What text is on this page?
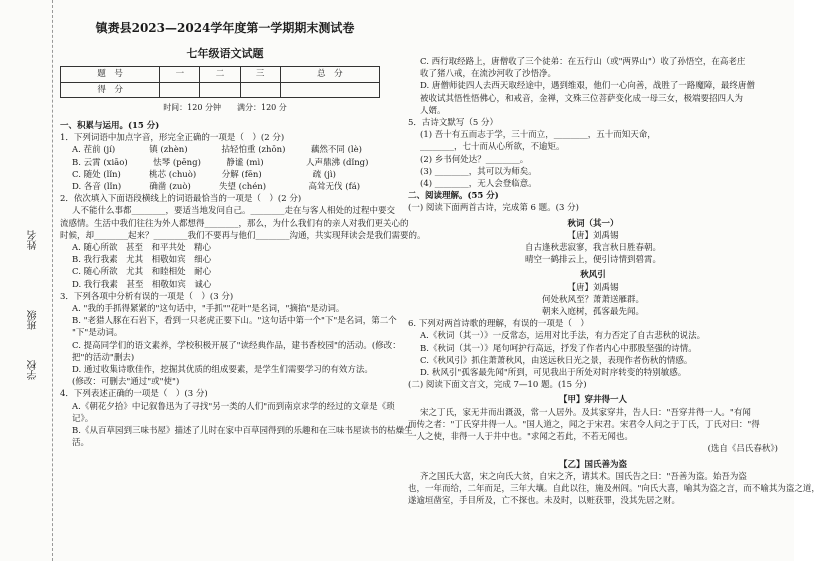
姓名
班级
学校
镇赉县2023—2024学年度第一学期期末测试卷
七年级语文试题
题　号	一	二	三	总　分
得　分				
时间：120 分钟　　满分：120 分
一、积累与运用。(15 分)
1．下列词语中加点字音，形完全正确的一项是（　）(2 分)
A. 茬前 (jí)　　　　镇 (zhèn)　　　　拈轻怕重 (zhōn)　　　藕然不同 (lè)
B. 云霄 (xiāo)　　　怯琴 (pēng)　　　静谧 (mì)　　　　　人声鼎沸 (dǐng)
C. 随处 (lǐn)　　　 桃芯 (chuò)　　　分解 (fēn)　　　　　　疏 (jì)
D. 各音 (lǐn)　　　 确凿 (zuò)　　　 失望 (chén)　　　　　高耸无伐 (fá)
2．依次填入下面语段横线上的词语最恰当的一项是（　）(2 分)
人不能什么事都________，要适当地发问自己。________走在与客人相处的过程中要交
流感情。生活中我们往往为外人都想得________，那么，为什么我们有的亲人对我们更关心的
时候，却________起来？________我们不要再与他们________沟通，共实现拜读会是我们需要的。
A. 随心所欲　甚至　和平共处　精心
B. 我行我素　尤其　相敬如宾　细心
C. 随心所欲　尤其　和睦相处　耐心
D. 我行我素　甚至　相敬如宾　诚心
3．下列各项中分析有误的一项是（　）(3 分)
A. "我的手抓得紧紧的"这句话中，"手抓""花叶"是名词，"摘掐"是动词。
B. "老猎人豚在石岩下，看到一只老虎正要下山。"这句话中第一个"下"是名词，第二个
"下"是动词。
C. 提高同学们的语文素养，学校积极开展了"读经典作品，建书香校园"的活动。(修改：
把"的活动"删去)
D. 通过收集诗歌佳作，挖掘其优质的组成要素，是学生们需要学习的有效方法。
(修改：可删去"通过"或"使")
4．下列表述正确的一项是（　）(3 分)
A.《朝花夕拾》中记叙鲁迅为了寻找"另一类的人们"而到南京求学的经过的文章是《琐
记》。
B.《从百草园到三味书屋》描述了儿时在家中百草园得到的乐趣和在三味书屋读书的枯燥生
活。
C. 西行取经路上，唐僧收了三个徒弟：在五行山（或"两界山"）收了孙悟空，在高老庄
收了猪八戒，在流沙河收了沙悟净。
D. 唐僧师徒四人去西天取经途中，遇到维艰，他们一心向善，战胜了一路魔障，最终唐僧
被收试其悟性悟佛心，和戒音，金禅，文殊三位菩萨变化成一母三女，极端要招四人为
人婿。
5．古诗文默写（5 分）
(1) 吾十有五而志于学，三十而立，________，五十而知天命，
________，七十而从心所欲，不逾矩。
(2) 乡书何处达？________。
(3) ________，其可以为师矣。
(4) ________，无人会登临意。
二、阅读理解。(55 分)
(一) 阅读下面两首古诗，完成第 6 题。(3 分)
秋词（其一）
【唐】刘禹锡
自古逢秋悲寂寥，我言秋日胜春朝。
晴空一鹤排云上，便引诗情到碧霄。
秋风引
【唐】刘禹锡
何处秋风至？萧萧送雁群。
朝来入庭树，孤客最先闻。
6. 下列对两首诗歌的理解，有误的一项是（　）
A.《秋词（其一）》一反常态，运用对比手法，有力否定了自古悲秋的说法。
B.《秋词（其一）》尾句呵护行高远，抒发了作者内心中那股坚强的诗情。
C.《秋风引》抓住萧萧秋风，由送远秋日光之景，表现作者伤秋的情感。
D. 秋风引"孤客最先闻"所到，可见我出于所处对时序转变的特别敏感。
(二) 阅读下面文言文，完成 7—10 题。(15 分)
【甲】穿井得一人
宋之丁氏，家无井而出溉汲，常一人居外。及其家穿井，告人曰："吾穿井得一人。"有闻
而传之者："丁氏穿井得一人。"国人道之，闻之于宋君。宋君令人问之于丁氏，丁氏对曰："得
一人之使，非得一人于井中也。"求闻之若此，不若无闻也。
(选自《吕氏春秋》)
【乙】国氏善为盗
齐之国氏大富，宋之向氏大贫，自宋之齐，请其术。国氏告之曰："吾善为盗。始吾为盗
也，一年而给，二年而足，三年大壤。自此以往，施及州闾。"向氏大喜，喻其为盗之言，而不喻其为盗之道，
遂逾垣凿室，手目所及，亡不探也。未及时，以赃获罪，没其先居之财。
